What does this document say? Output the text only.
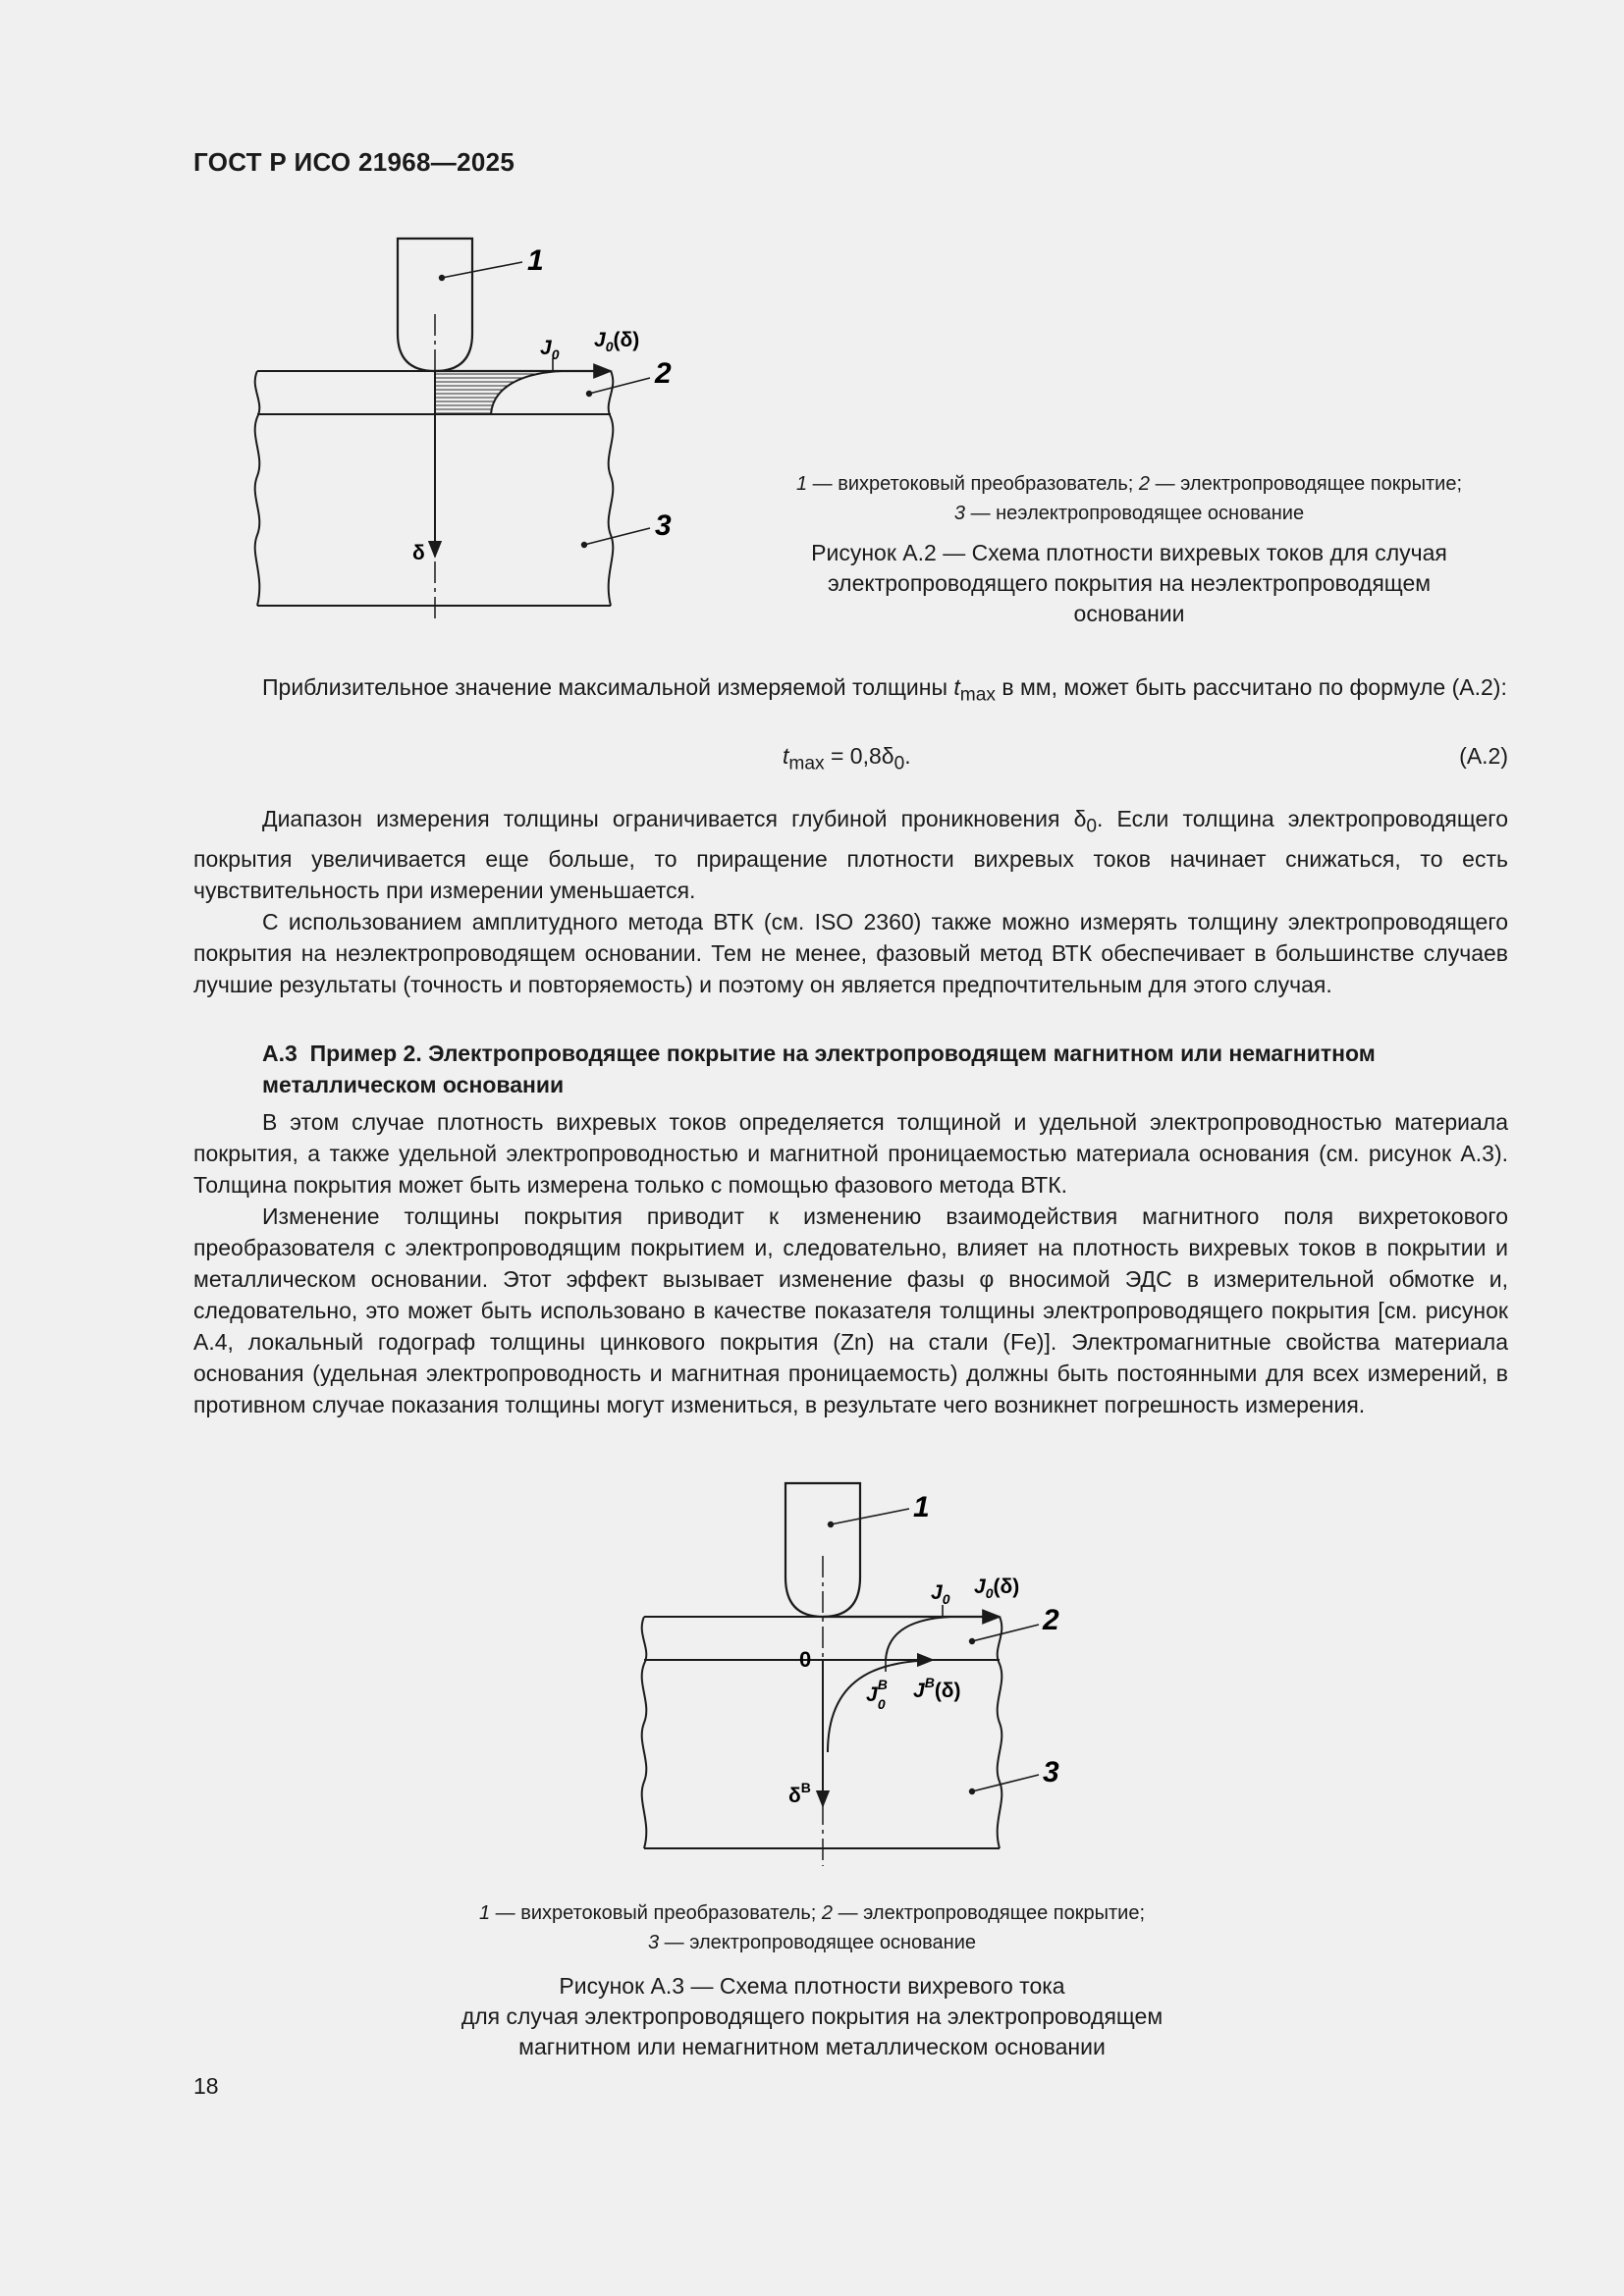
ГОСТ Р ИСО 21968—2025
1
2
3
$J_0$
$J_0(\delta)$
δ
1 — вихретоковый преобразователь; 2 — электропроводящее покрытие;
3 — неэлектропроводящее основание
Рисунок А.2 — Схема плотности вихревых токов для случая
электропроводящего покрытия на неэлектропроводящем
основании

Приблизительное значение максимальной измеряемой толщины $t_{max}$ в мм, может быть рассчитано по формуле (А.2):

$t_{max} = 0,8\delta_0$.	(А.2)

Диапазон измерения толщины ограничивается глубиной проникновения $\delta_0$. Если толщина электропроводящего покрытия увеличивается еще больше, то приращение плотности вихревых токов начинает снижаться, то есть чувствительность при измерении уменьшается.

С использованием амплитудного метода ВТК (см. ISO 2360) также можно измерять толщину электропроводящего покрытия на неэлектропроводящем основании. Тем не менее, фазовый метод ВТК обеспечивает в большинстве случаев лучшие результаты (точность и повторяемость) и поэтому он является предпочтительным для этого случая.

А.3 Пример 2. Электропроводящее покрытие на электропроводящем магнитном или немагнитном металлическом основании

В этом случае плотность вихревых токов определяется толщиной и удельной электропроводностью материала покрытия, а также удельной электропроводностью и магнитной проницаемостью материала основания (см. рисунок А.3). Толщина покрытия может быть измерена только с помощью фазового метода ВТК.

Изменение толщины покрытия приводит к изменению взаимодействия магнитного поля вихретокового преобразователя с электропроводящим покрытием и, следовательно, влияет на плотность вихревых токов в покрытии и металлическом основании. Этот эффект вызывает изменение фазы φ вносимой ЭДС в измерительной обмотке и, следовательно, это может быть использовано в качестве показателя толщины электропроводящего покрытия [см. рисунок А.4, локальный годограф толщины цинкового покрытия (Zn) на стали (Fe)]. Электромагнитные свойства материала основания (удельная электропроводность и магнитная проницаемость) должны быть постоянными для всех измерений, в противном случае показания толщины могут измениться, в результате чего возникнет погрешность измерения.

1
2
3
0
$J_0$
$J_0(\delta)$
$J^B$ 0
$J^B(\delta)$
$\delta^B$
1 — вихретоковый преобразователь; 2 — электропроводящее покрытие;
3 — электропроводящее основание
Рисунок А.3 — Схема плотности вихревого тока
для случая электропроводящего покрытия на электропроводящем
магнитном или немагнитном металлическом основании
18
